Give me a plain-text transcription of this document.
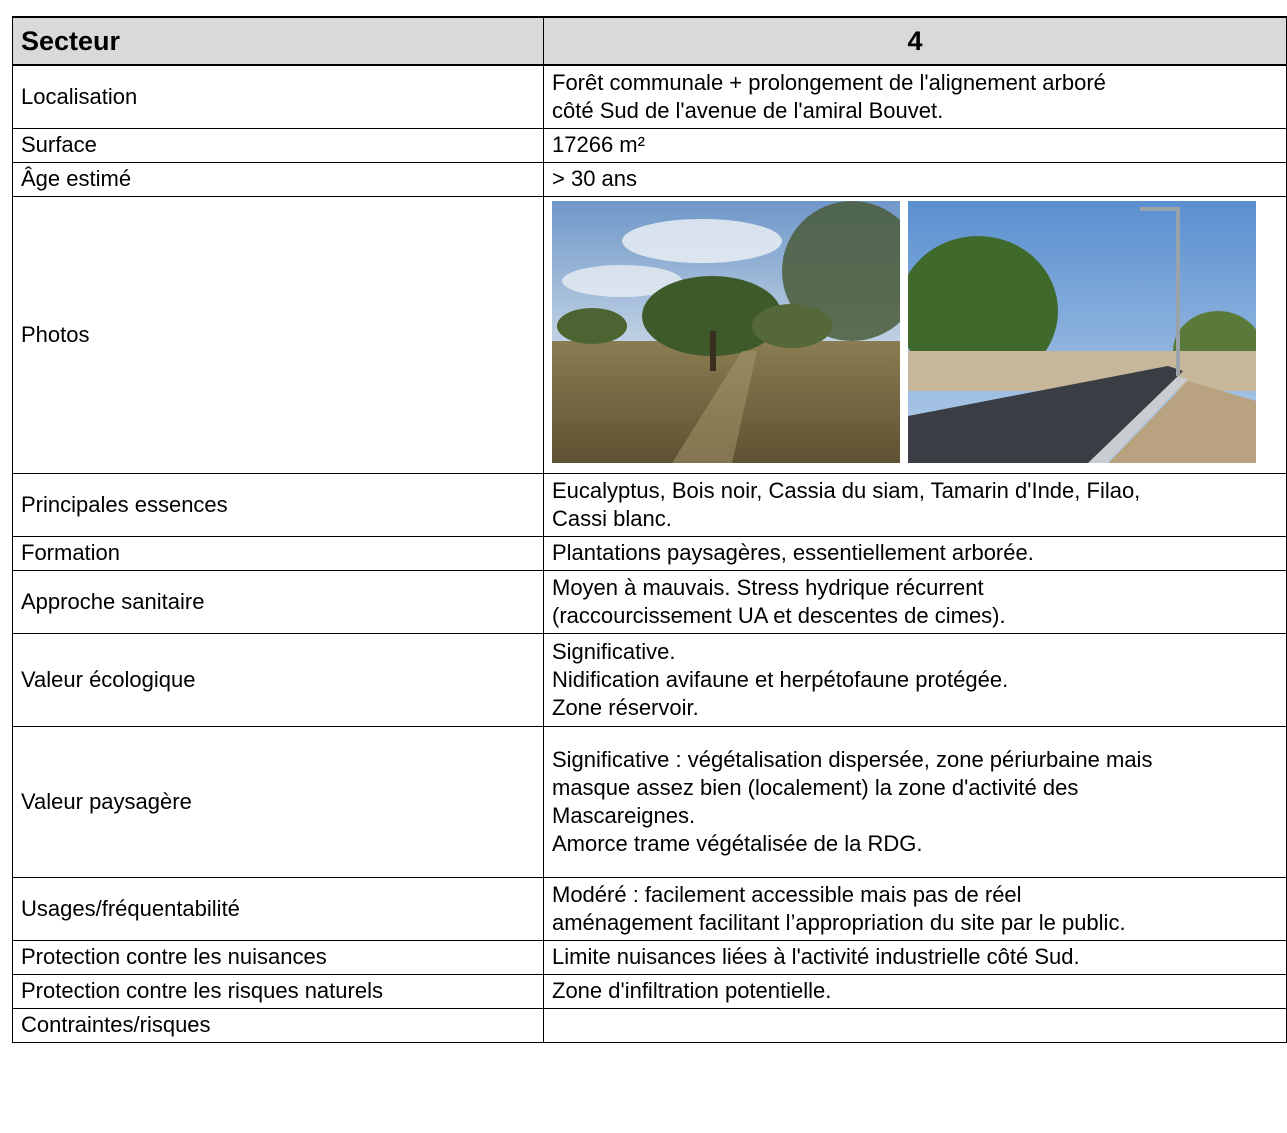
Secteur	4
Localisation	Forêt communale + prolongement de l'alignement arboré
côté Sud de l'avenue de l'amiral Bouvet.
Surface	17266 m²
Âge estimé	> 30 ans
Photos	

Principales essences	Eucalyptus, Bois noir, Cassia du siam, Tamarin d'Inde, Filao,
Cassi blanc.
Formation	Plantations paysagères, essentiellement arborée.
Approche sanitaire	Moyen à mauvais. Stress hydrique récurrent
(raccourcissement UA et descentes de cimes).
Valeur écologique	Significative.
Nidification avifaune et herpétofaune protégée.
Zone réservoir.
Valeur paysagère	Significative : végétalisation dispersée, zone périurbaine mais
masque assez bien (localement) la zone d'activité des
Mascareignes.
Amorce trame végétalisée de la RDG.
Usages/fréquentabilité	Modéré : facilement accessible mais pas de réel
aménagement facilitant l’appropriation du site par le public.
Protection contre les nuisances	Limite nuisances liées à l'activité industrielle côté Sud.
Protection contre les risques naturels	Zone d'infiltration potentielle.
Contraintes/risques	
